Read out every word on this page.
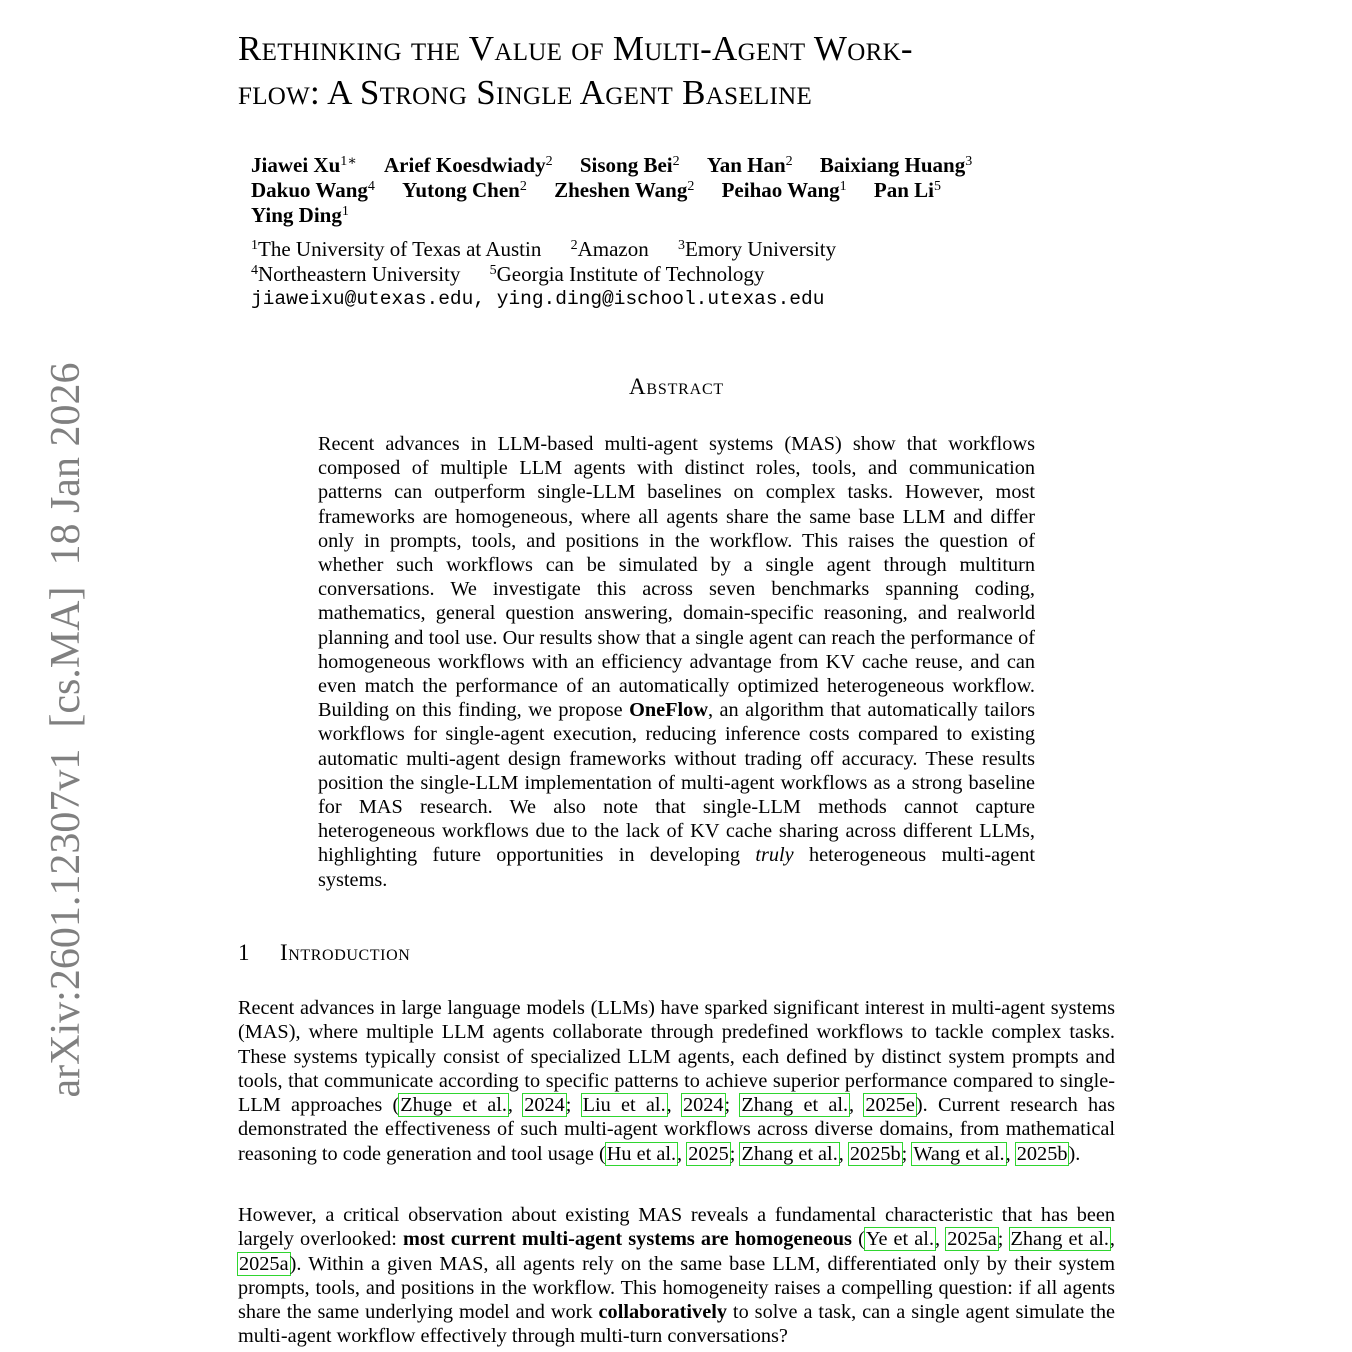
arXiv:2601.12307v1  [cs.MA]  18 Jan 2026
Rethinking the Value of Multi-Agent Work-
flow: A Strong Single Agent Baseline
Jiawei $Xu^{1∗}$ Arief Koesdwiady$^2$ Sisong Bei$^2$ Yan Han$^2$ Baixiang Huang$^3$
Dakuo Wang$^4$ Yutong Chen$^2$ Zheshen Wang$^2$ Peihao Wang$^1$ Pan Li$^5$
Ying Ding$^1$
$^1$The University of Texas at Austin $^2$Amazon $^3$Emory University
$^4$Northeastern University $^5$Georgia Institute of Technology
jiaweixu@utexas.edu, ying.ding@ischool.utexas.edu
Abstract
Recent advances in LLM-based multi-agent systems (MAS) show that workflows composed of multiple LLM agents with distinct roles, tools, and communication patterns can outperform single-LLM baselines on complex tasks. However, most frameworks are homogeneous, where all agents share the same base LLM and differ only in prompts, tools, and positions in the workflow. This raises the question of whether such workflows can be simulated by a single agent through multiturn conversations. We investigate this across seven benchmarks spanning coding, mathematics, general question answering, domain-specific reasoning, and realworld planning and tool use. Our results show that a single agent can reach the performance of homogeneous workflows with an efficiency advantage from KV cache reuse, and can even match the performance of an automatically optimized heterogeneous workflow. Building on this finding, we propose OneFlow, an algorithm that automatically tailors workflows for single-agent execution, reducing inference costs compared to existing automatic multi-agent design frameworks without trading off accuracy. These results position the single-LLM implementation of multi-agent workflows as a strong baseline for MAS research. We also note that single-LLM methods cannot capture heterogeneous workflows due to the lack of KV cache sharing across different LLMs, highlighting future opportunities in developing truly heterogeneous multi-agent systems.
1 Introduction
Recent advances in large language models (LLMs) have sparked significant interest in multi-agent systems (MAS), where multiple LLM agents collaborate through predefined workflows to tackle complex tasks. These systems typically consist of specialized LLM agents, each defined by distinct system prompts and tools, that communicate according to specific patterns to achieve superior performance compared to single-LLM approaches (Zhuge et al., 2024; Liu et al., 2024; Zhang et al., 2025e). Current research has demonstrated the effectiveness of such multi-agent workflows across diverse domains, from mathematical reasoning to code generation and tool usage (Hu et al., 2025; Zhang et al., 2025b; Wang et al., 2025b).
However, a critical observation about existing MAS reveals a fundamental characteristic that has been largely overlooked: most current multi-agent systems are homogeneous (Ye et al., 2025a; Zhang et al., 2025a). Within a given MAS, all agents rely on the same base LLM, differentiated only by their system prompts, tools, and positions in the workflow. This homogeneity raises a compelling question: if all agents share the same underlying model and work collaboratively to solve a task, can a single agent simulate the multi-agent workflow effectively through multi-turn conversations?
